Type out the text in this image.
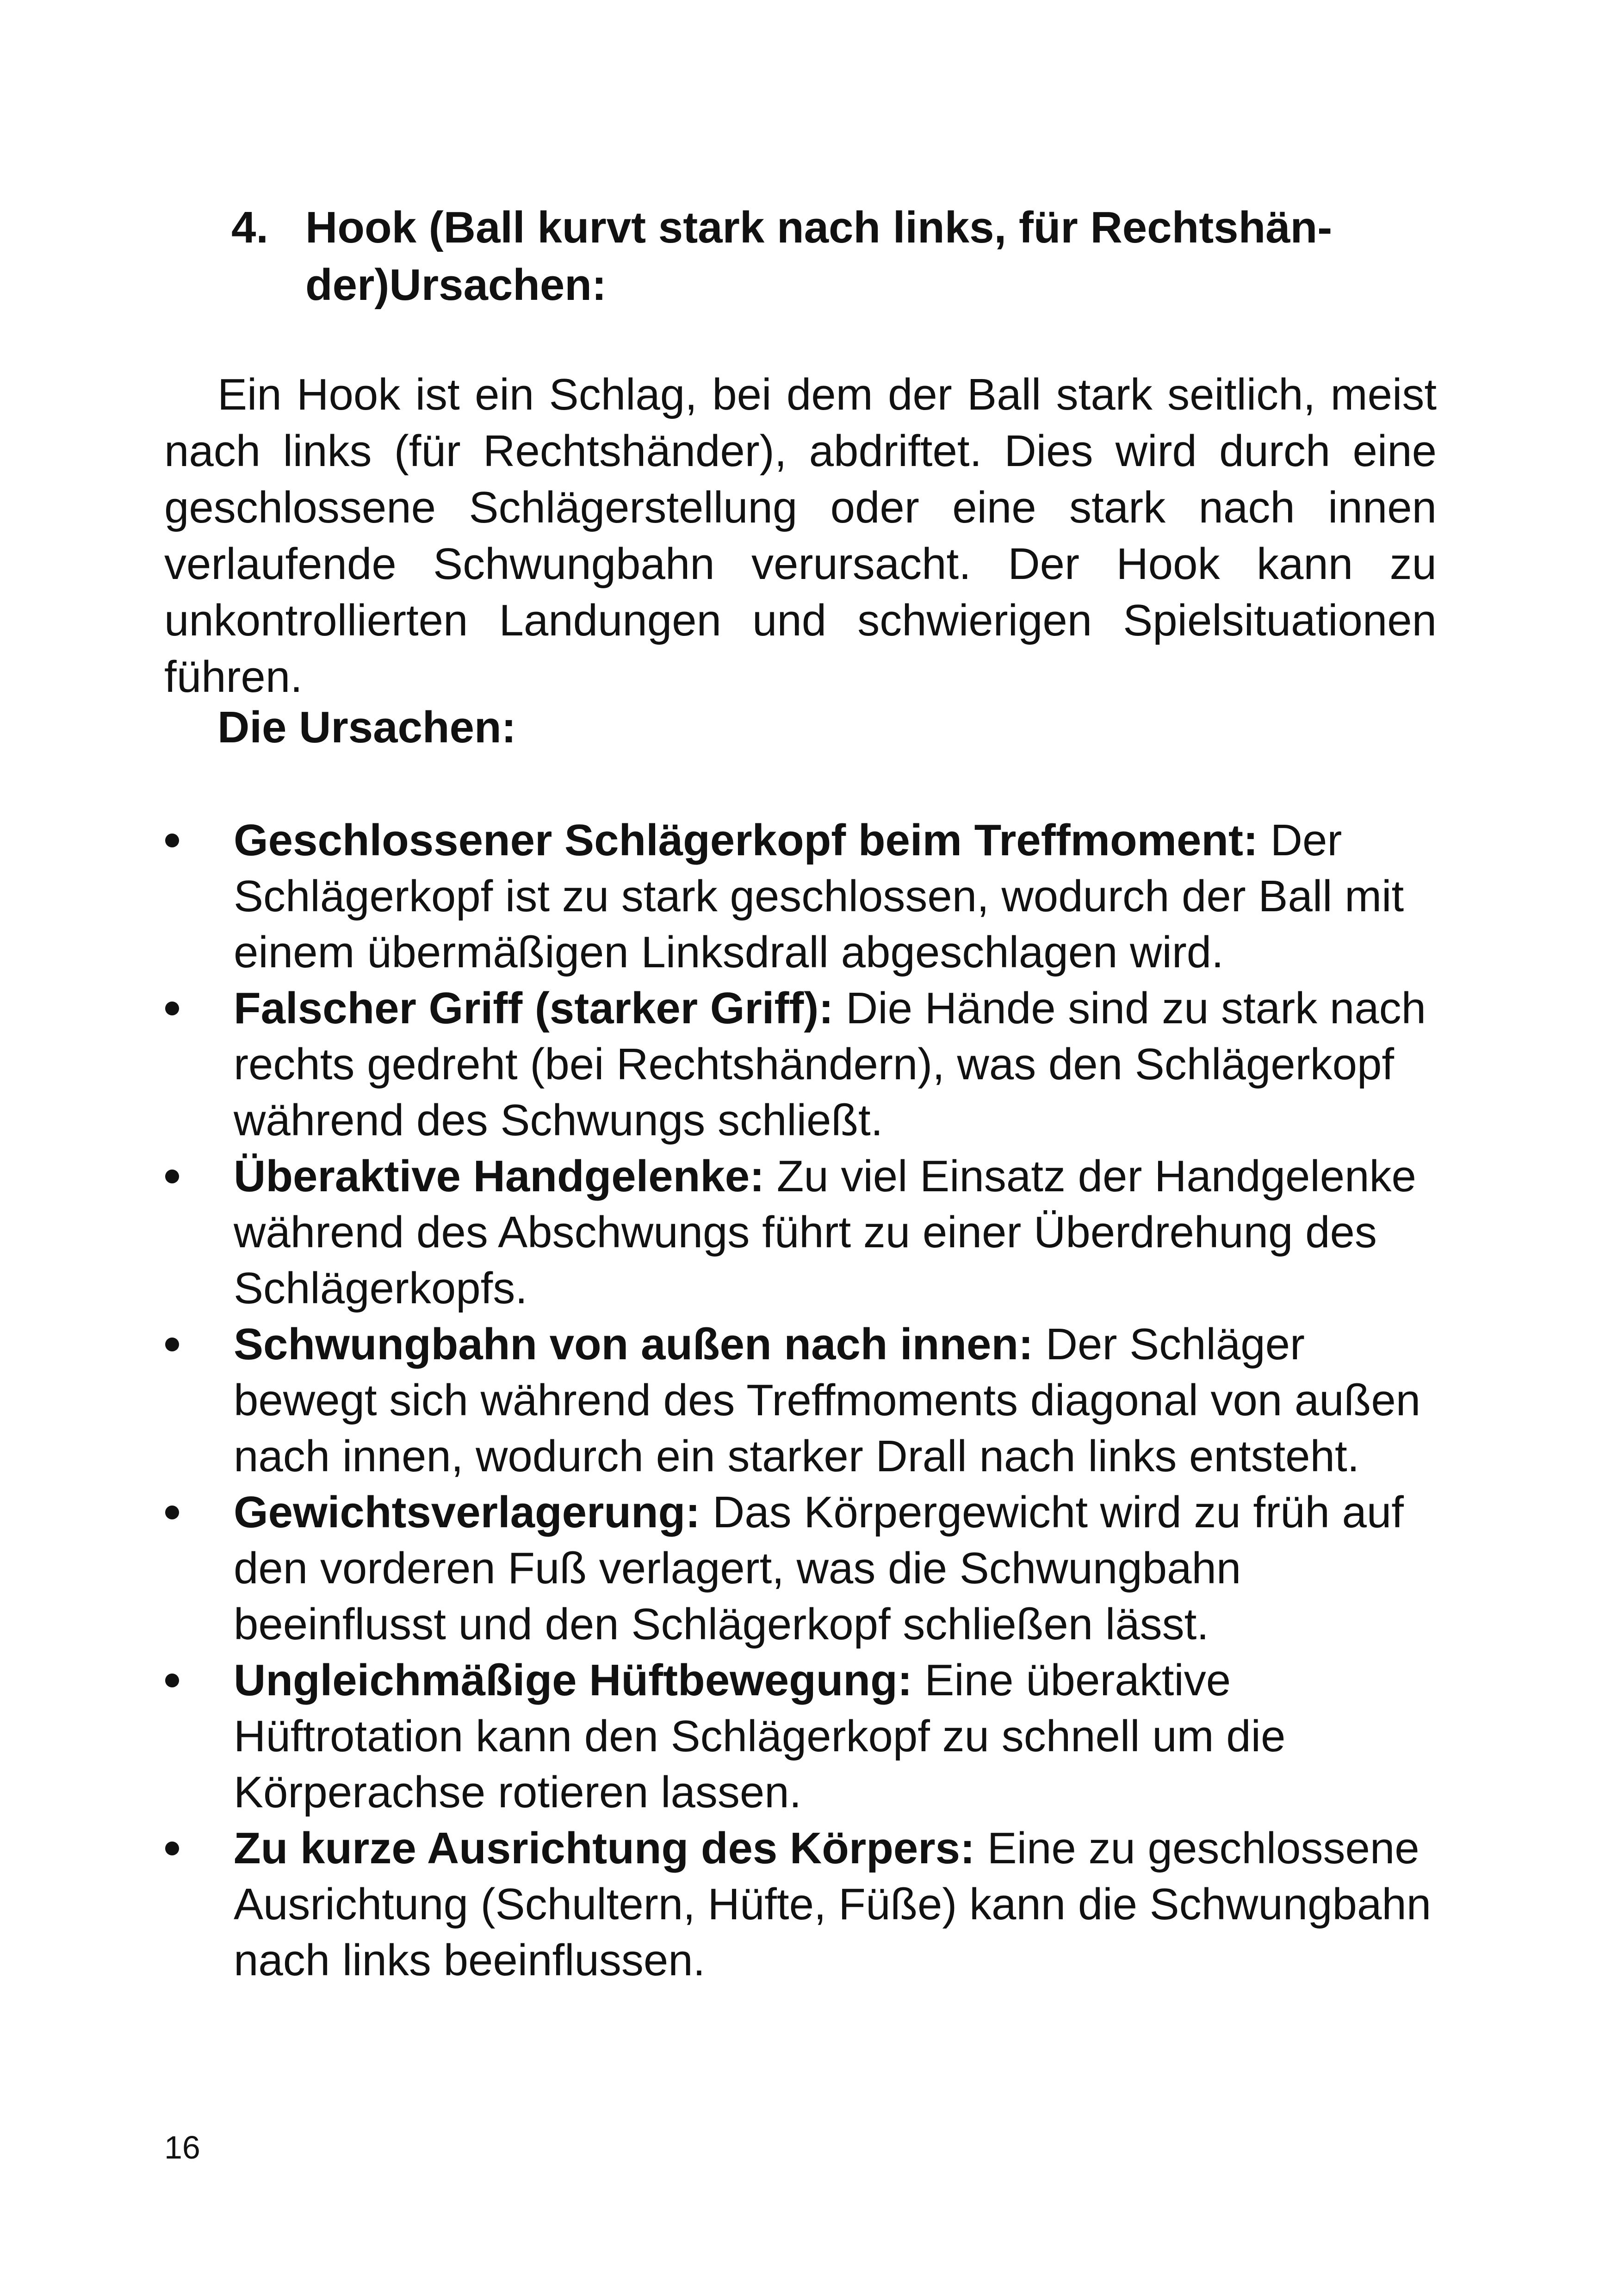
4. Hook (Ball kurvt stark nach links, für Rechtshän-der)Ursachen:

Ein Hook ist ein Schlag, bei dem der Ball stark seitlich, meist nach links (für Rechtshänder), abdriftet. Dies wird durch eine geschlossene Schlägerstellung oder eine stark nach innen verlaufende Schwungbahn verursacht. Der Hook kann zu unkontrollierten Landungen und schwierigen Spielsituationen führen.

Die Ursachen:
Geschlossener Schlägerkopf beim Treffmoment: Der Schlägerkopf ist zu stark geschlossen, wodurch der Ball mit einem übermäßigen Linksdrall abgeschlagen wird.
Falscher Griff (starker Griff): Die Hände sind zu stark nach rechts gedreht (bei Rechtshändern), was den Schlägerkopf während des Schwungs schließt.
Überaktive Handgelenke: Zu viel Einsatz der Handgelenke während des Abschwungs führt zu einer Überdrehung des Schlägerkopfs.
Schwungbahn von außen nach innen: Der Schläger bewegt sich während des Treffmoments diagonal von außen nach innen, wodurch ein starker Drall nach links entsteht.
Gewichtsverlagerung: Das Körpergewicht wird zu früh auf den vorderen Fuß verlagert, was die Schwungbahn beeinflusst und den Schlägerkopf schließen lässt.
Ungleichmäßige Hüftbewegung: Eine überaktive Hüftrotation kann den Schlägerkopf zu schnell um die Körperachse rotieren lassen.
Zu kurze Ausrichtung des Körpers: Eine zu geschlossene Ausrichtung (Schultern, Hüfte, Füße) kann die Schwungbahn nach links beeinflussen.
16
